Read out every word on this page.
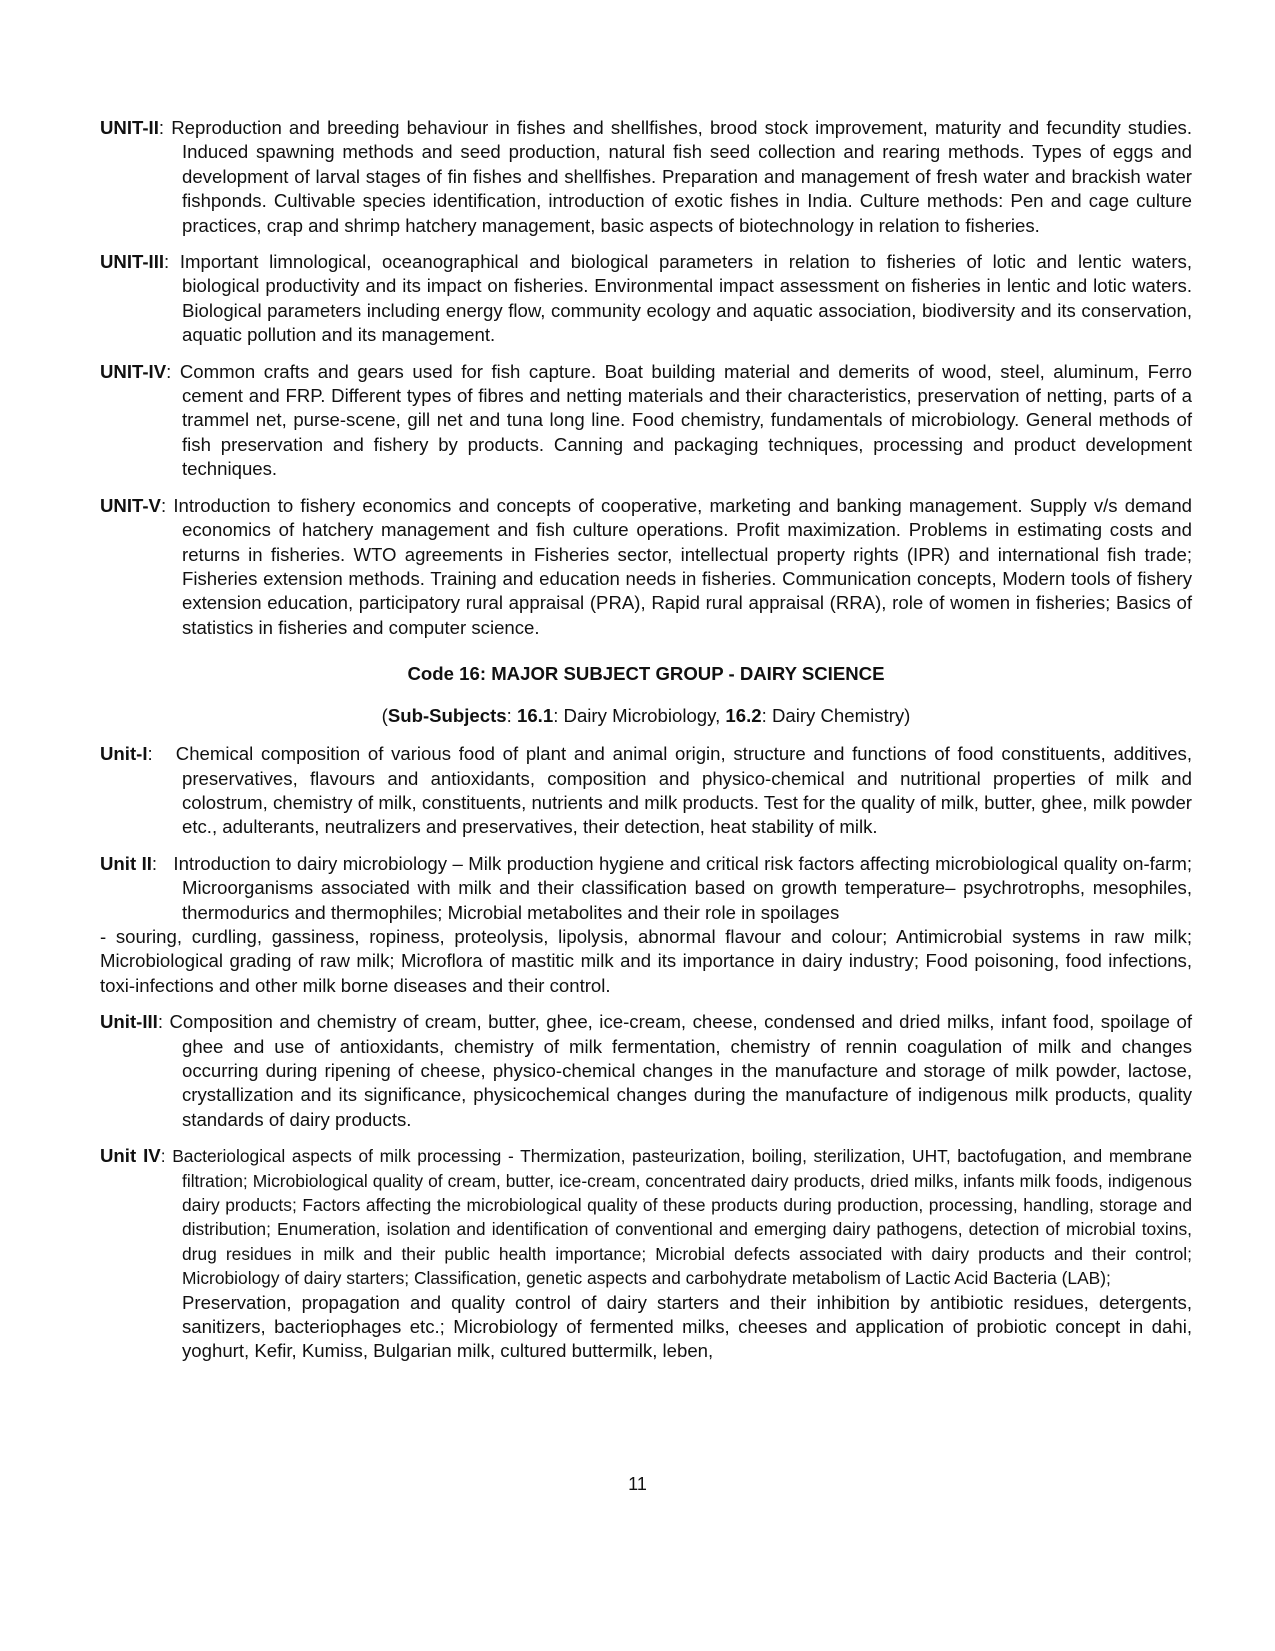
UNIT-II: Reproduction and breeding behaviour in fishes and shellfishes, brood stock improvement, maturity and fecundity studies. Induced spawning methods and seed production, natural fish seed collection and rearing methods. Types of eggs and development of larval stages of fin fishes and shellfishes. Preparation and management of fresh water and brackish water fishponds. Cultivable species identification, introduction of exotic fishes in India. Culture methods: Pen and cage culture practices, crap and shrimp hatchery management, basic aspects of biotechnology in relation to fisheries.

UNIT-III: Important limnological, oceanographical and biological parameters in relation to fisheries of lotic and lentic waters, biological productivity and its impact on fisheries. Environmental impact assessment on fisheries in lentic and lotic waters. Biological parameters including energy flow, community ecology and aquatic association, biodiversity and its conservation, aquatic pollution and its management.

UNIT-IV: Common crafts and gears used for fish capture. Boat building material and demerits of wood, steel, aluminum, Ferro cement and FRP. Different types of fibres and netting materials and their characteristics, preservation of netting, parts of a trammel net, purse-scene, gill net and tuna long line. Food chemistry, fundamentals of microbiology. General methods of fish preservation and fishery by products. Canning and packaging techniques, processing and product development techniques.

UNIT-V: Introduction to fishery economics and concepts of cooperative, marketing and banking management. Supply v/s demand economics of hatchery management and fish culture operations. Profit maximization. Problems in estimating costs and returns in fisheries. WTO agreements in Fisheries sector, intellectual property rights (IPR) and international fish trade; Fisheries extension methods. Training and education needs in fisheries. Communication concepts, Modern tools of fishery extension education, participatory rural appraisal (PRA), Rapid rural appraisal (RRA), role of women in fisheries; Basics of statistics in fisheries and computer science.

Code 16: MAJOR SUBJECT GROUP - DAIRY SCIENCE
(Sub-Subjects: 16.1: Dairy Microbiology, 16.2: Dairy Chemistry)

Unit-I:   Chemical composition of various food of plant and animal origin, structure and functions of food constituents, additives, preservatives, flavours and antioxidants, composition and physico-chemical and nutritional properties of milk and colostrum, chemistry of milk, constituents, nutrients and milk products. Test for the quality of milk, butter, ghee, milk powder etc., adulterants, neutralizers and preservatives, their detection, heat stability of milk.

Unit II:   Introduction to dairy microbiology – Milk production hygiene and critical risk factors affecting microbiological quality on-farm; Microorganisms associated with milk and their classification based on growth temperature– psychrotrophs, mesophiles, thermodurics and thermophiles; Microbial metabolites and their role in spoilages

- souring, curdling, gassiness, ropiness, proteolysis, lipolysis, abnormal flavour and colour; Antimicrobial systems in raw milk; Microbiological grading of raw milk; Microflora of mastitic milk and its importance in dairy industry; Food poisoning, food infections, toxi-infections and other milk borne diseases and their control.

Unit-III: Composition and chemistry of cream, butter, ghee, ice-cream, cheese, condensed and dried milks, infant food, spoilage of ghee and use of antioxidants, chemistry of milk fermentation, chemistry of rennin coagulation of milk and changes occurring during ripening of cheese, physico-chemical changes in the manufacture and storage of milk powder, lactose, crystallization and its significance, physicochemical changes during the manufacture of indigenous milk products, quality standards of dairy products.

Unit IV: Bacteriological aspects of milk processing - Thermization, pasteurization, boiling, sterilization, UHT, bactofugation, and membrane filtration; Microbiological quality of cream, butter, ice-cream, concentrated dairy products, dried milks, infants milk foods, indigenous dairy products; Factors affecting the microbiological quality of these products during production, processing, handling, storage and distribution; Enumeration, isolation and identification of conventional and emerging dairy pathogens, detection of microbial toxins, drug residues in milk and their public health importance; Microbial defects associated with dairy products and their control; Microbiology of dairy starters; Classification, genetic aspects and carbohydrate metabolism of Lactic Acid Bacteria (LAB);

Preservation, propagation and quality control of dairy starters and their inhibition by antibiotic residues, detergents, sanitizers, bacteriophages etc.; Microbiology of fermented milks, cheeses and application of probiotic concept in dahi, yoghurt, Kefir, Kumiss, Bulgarian milk, cultured buttermilk, leben,

11
